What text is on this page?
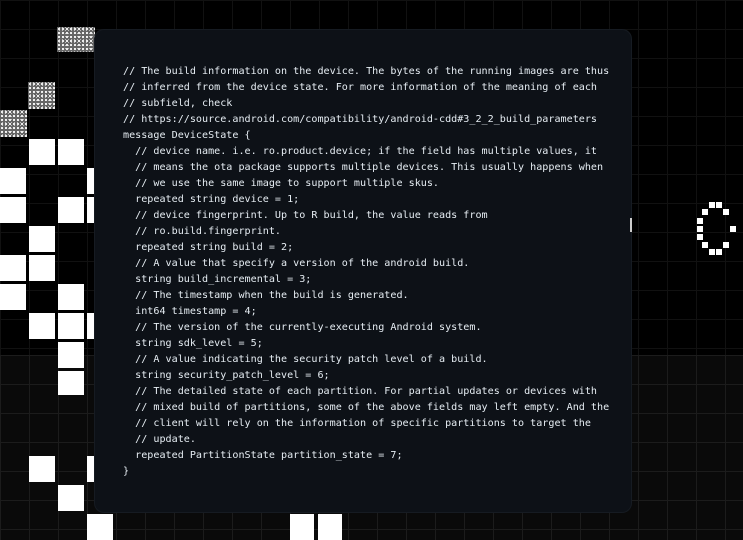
// The build information on the device. The bytes of the running images are thus
// inferred from the device state. For more information of the meaning of each
// subfield, check
// https://source.android.com/compatibility/android-cdd#3_2_2_build_parameters
message DeviceState {
// device name. i.e. ro.product.device; if the field has multiple values, it
// means the ota package supports multiple devices. This usually happens when
// we use the same image to support multiple skus.
repeated string device = 1;
// device fingerprint. Up to R build, the value reads from
// ro.build.fingerprint.
repeated string build = 2;
// A value that specify a version of the android build.
string build_incremental = 3;
// The timestamp when the build is generated.
int64 timestamp = 4;
// The version of the currently-executing Android system.
string sdk_level = 5;
// A value indicating the security patch level of a build.
string security_patch_level = 6;
// The detailed state of each partition. For partial updates or devices with
// mixed build of partitions, some of the above fields may left empty. And the
// client will rely on the information of specific partitions to target the
// update.
repeated PartitionState partition_state = 7;
}
